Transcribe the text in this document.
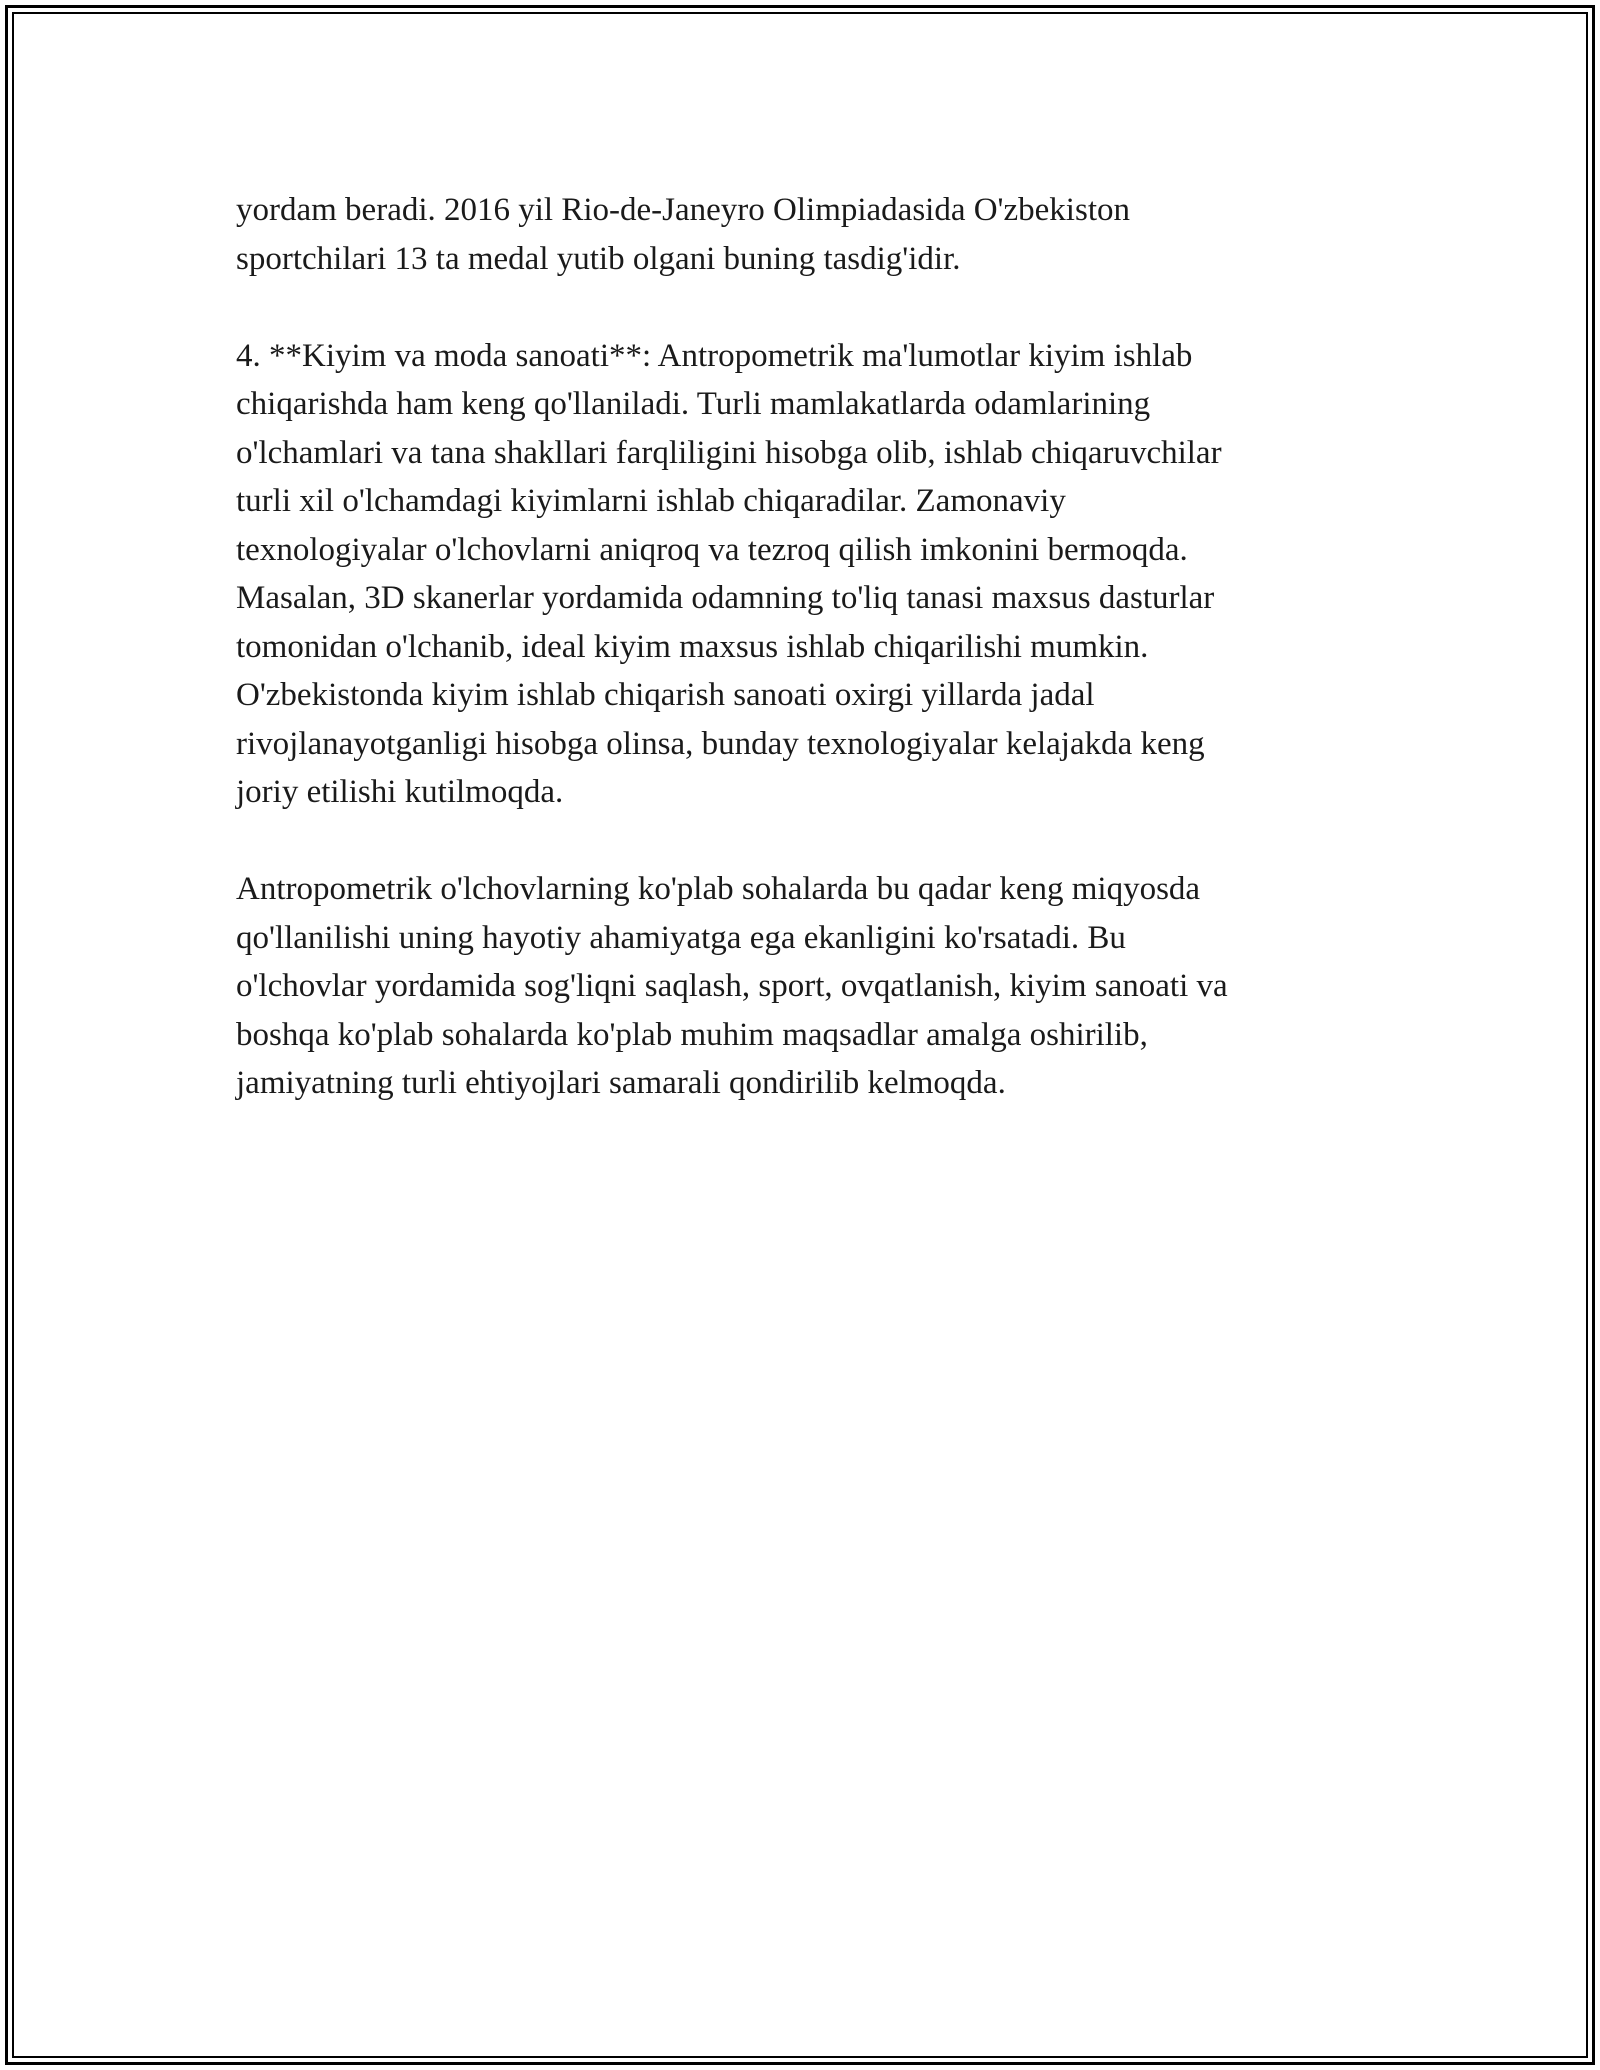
yordam beradi. 2016 yil Rio-de-Janeyro Olimpiadasida O'zbekiston
sportchilari 13 ta medal yutib olgani buning tasdig'idir.

4. **Kiyim va moda sanoati**: Antropometrik ma'lumotlar kiyim ishlab
chiqarishda ham keng qo'llaniladi. Turli mamlakatlarda odamlarining
o'lchamlari va tana shakllari farqliligini hisobga olib, ishlab chiqaruvchilar
turli xil o'lchamdagi kiyimlarni ishlab chiqaradilar. Zamonaviy
texnologiyalar o'lchovlarni aniqroq va tezroq qilish imkonini bermoqda.
Masalan, 3D skanerlar yordamida odamning to'liq tanasi maxsus dasturlar
tomonidan o'lchanib, ideal kiyim maxsus ishlab chiqarilishi mumkin.
O'zbekistonda kiyim ishlab chiqarish sanoati oxirgi yillarda jadal
rivojlanayotganligi hisobga olinsa, bunday texnologiyalar kelajakda keng
joriy etilishi kutilmoqda.

Antropometrik o'lchovlarning ko'plab sohalarda bu qadar keng miqyosda
qo'llanilishi uning hayotiy ahamiyatga ega ekanligini ko'rsatadi. Bu
o'lchovlar yordamida sog'liqni saqlash, sport, ovqatlanish, kiyim sanoati va
boshqa ko'plab sohalarda ko'plab muhim maqsadlar amalga oshirilib,
jamiyatning turli ehtiyojlari samarali qondirilib kelmoqda.
